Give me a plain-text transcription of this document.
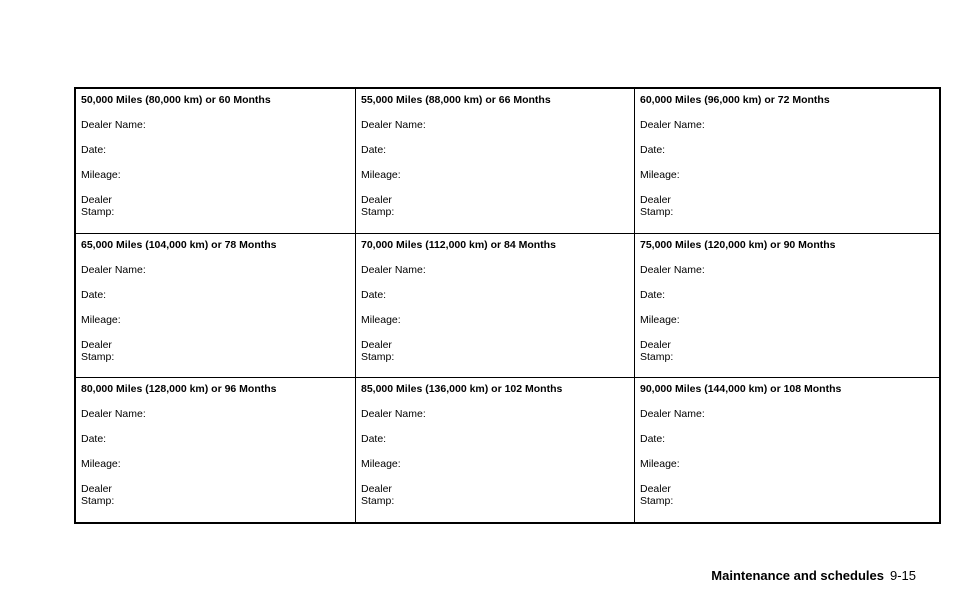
50,000 Miles (80,000 km) or 60 Months
Dealer Name:
Date:
Mileage:
Dealer
Stamp:
55,000 Miles (88,000 km) or 66 Months
Dealer Name:
Date:
Mileage:
Dealer
Stamp:
60,000 Miles (96,000 km) or 72 Months
Dealer Name:
Date:
Mileage:
Dealer
Stamp:
65,000 Miles (104,000 km) or 78 Months
Dealer Name:
Date:
Mileage:
Dealer
Stamp:
70,000 Miles (112,000 km) or 84 Months
Dealer Name:
Date:
Mileage:
Dealer
Stamp:
75,000 Miles (120,000 km) or 90 Months
Dealer Name:
Date:
Mileage:
Dealer
Stamp:
80,000 Miles (128,000 km) or 96 Months
Dealer Name:
Date:
Mileage:
Dealer
Stamp:
85,000 Miles (136,000 km) or 102 Months
Dealer Name:
Date:
Mileage:
Dealer
Stamp:
90,000 Miles (144,000 km) or 108 Months
Dealer Name:
Date:
Mileage:
Dealer
Stamp:
Maintenance and schedules 9-15
